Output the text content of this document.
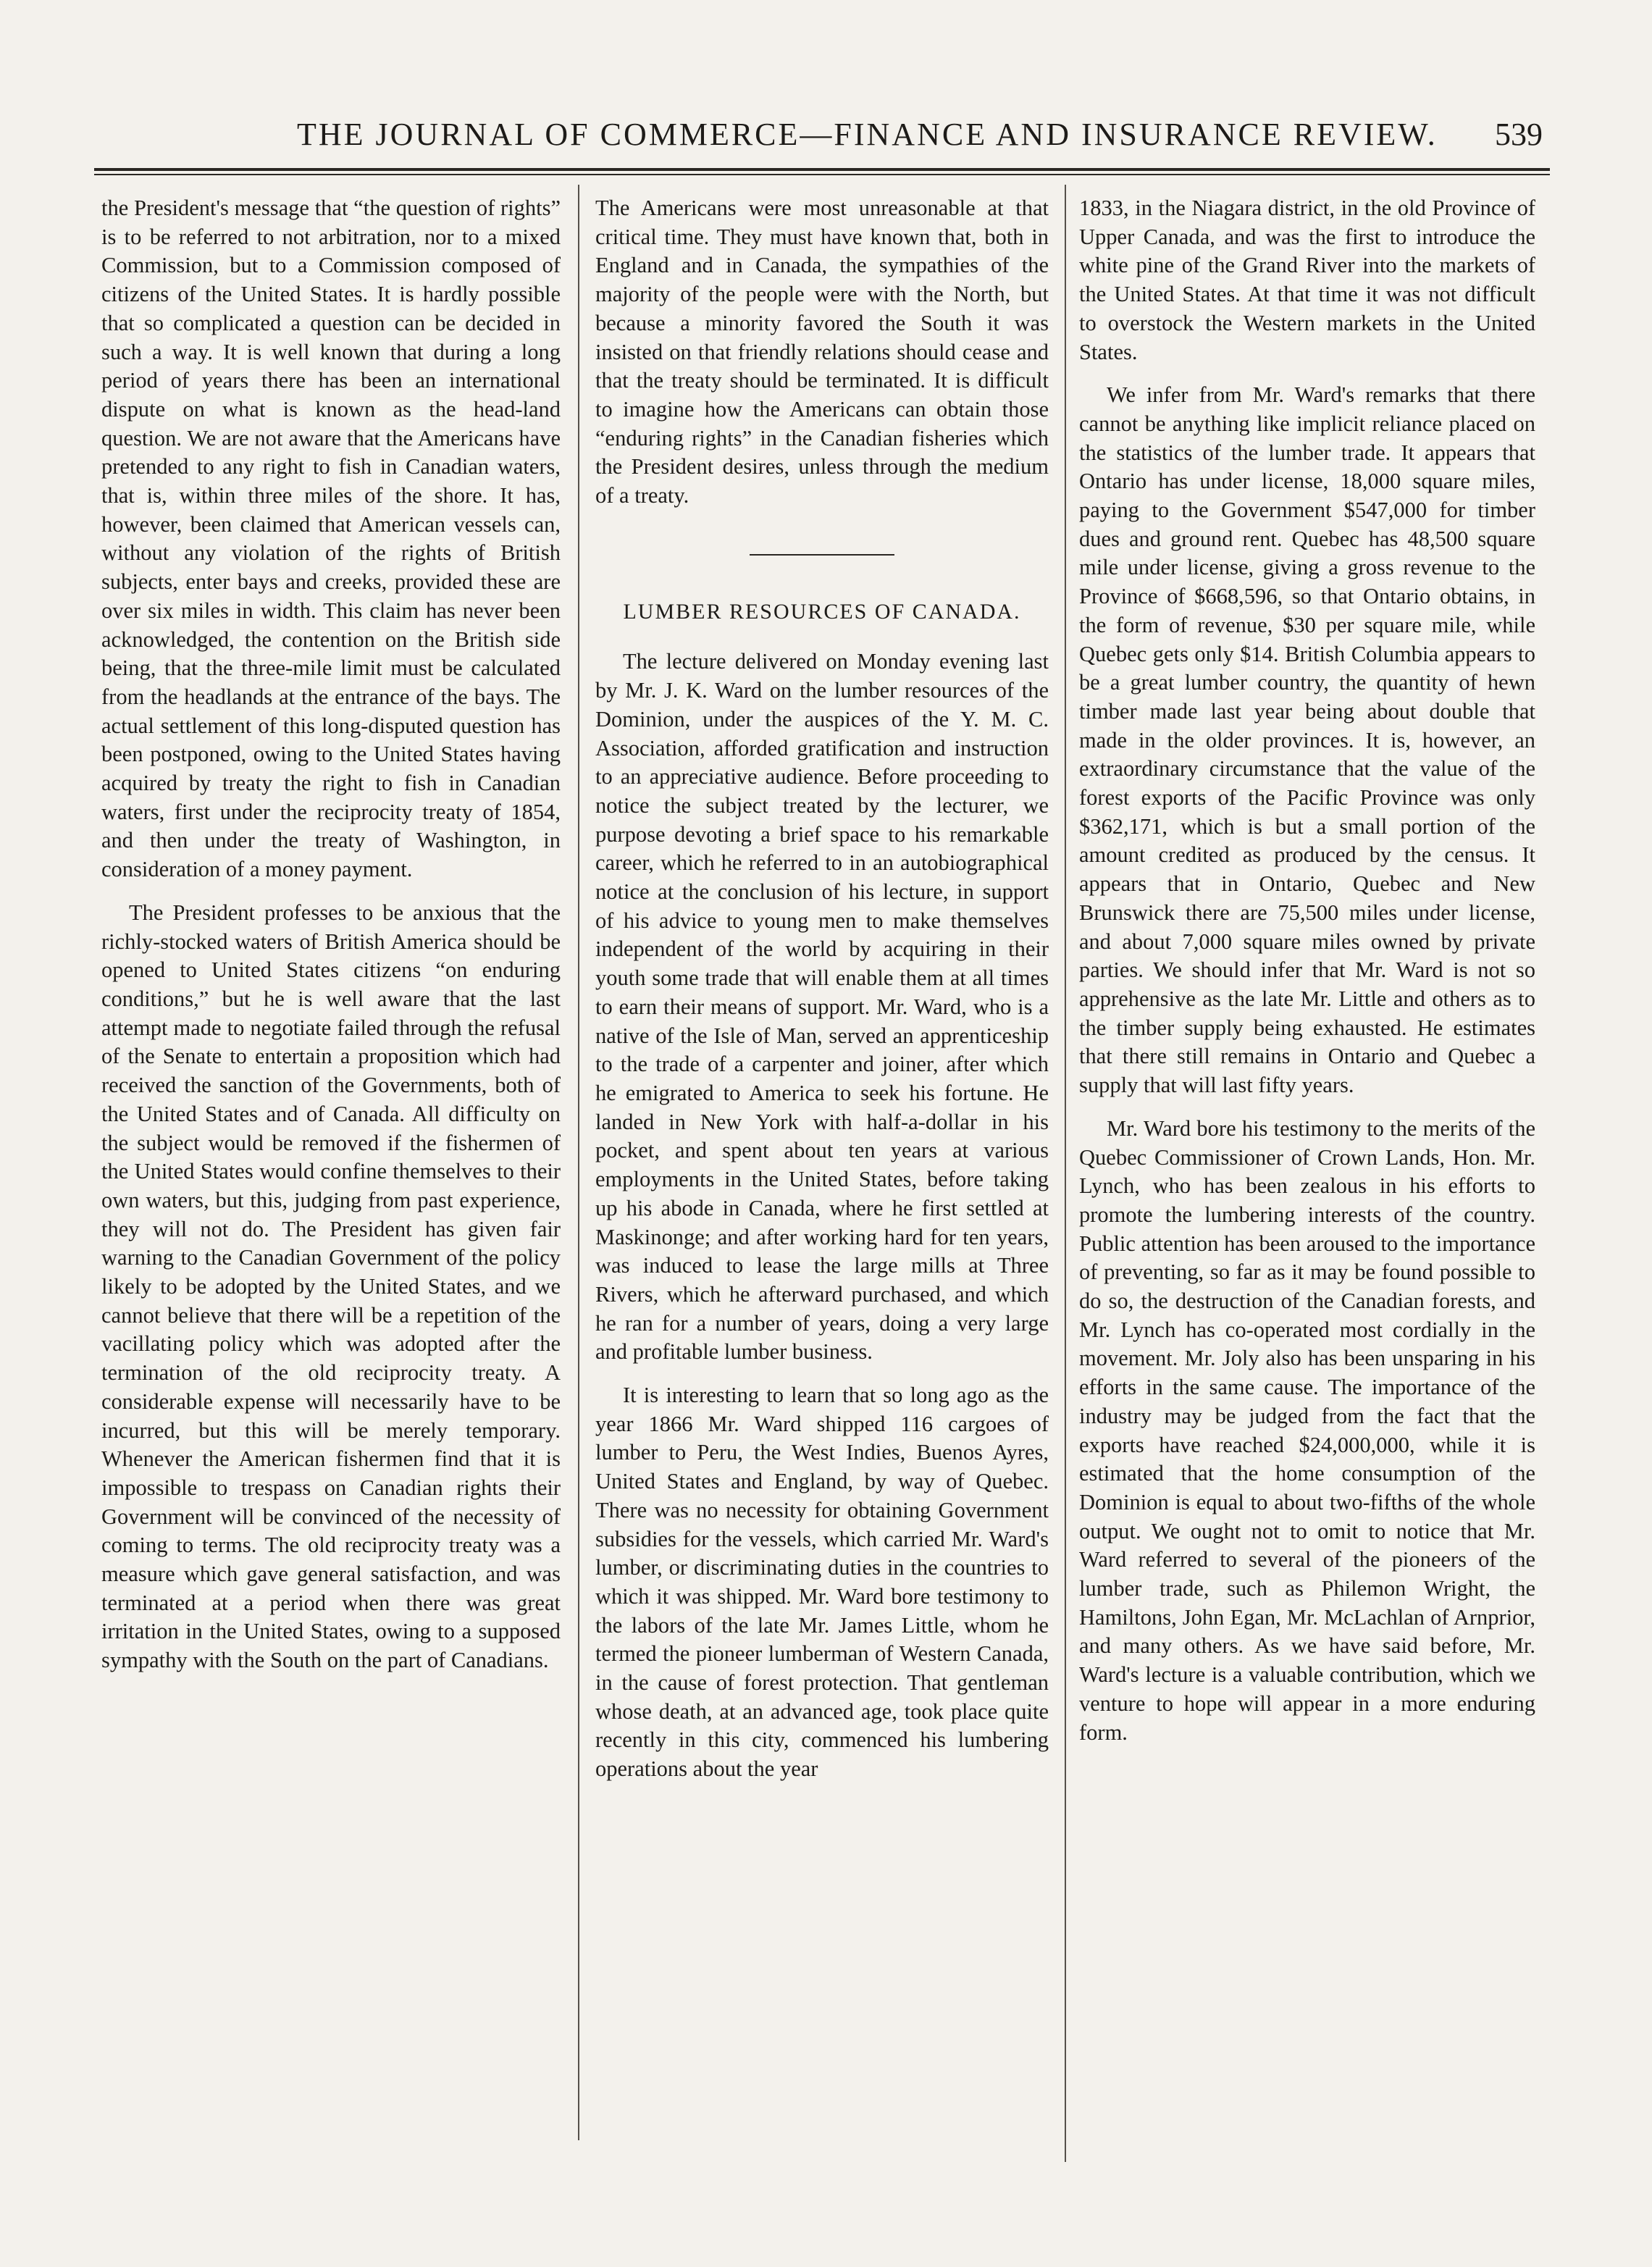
THE JOURNAL OF COMMERCE—FINANCE AND INSURANCE REVIEW.	539

the President's message that “the question of rights” is to be referred to not arbitration, nor to a mixed Commission, but to a Commission composed of citizens of the United States. It is hardly possible that so complicated a question can be decided in such a way. It is well known that during a long period of years there has been an international dispute on what is known as the head-land question. We are not aware that the Americans have pretended to any right to fish in Canadian waters, that is, within three miles of the shore. It has, however, been claimed that American vessels can, without any violation of the rights of British subjects, enter bays and creeks, provided these are over six miles in width. This claim has never been acknowledged, the contention on the British side being, that the three-mile limit must be calculated from the headlands at the entrance of the bays. The actual settlement of this long-disputed question has been postponed, owing to the United States having acquired by treaty the right to fish in Canadian waters, first under the reciprocity treaty of 1854, and then under the treaty of Washington, in consideration of a money payment.

The President professes to be anxious that the richly-stocked waters of British America should be opened to United States citizens “on enduring conditions,” but he is well aware that the last attempt made to negotiate failed through the refusal of the Senate to entertain a proposition which had received the sanction of the Governments, both of the United States and of Canada. All difficulty on the subject would be removed if the fishermen of the United States would confine themselves to their own waters, but this, judging from past experience, they will not do. The President has given fair warning to the Canadian Government of the policy likely to be adopted by the United States, and we cannot believe that there will be a repetition of the vacillating policy which was adopted after the termination of the old reciprocity treaty. A considerable expense will necessarily have to be incurred, but this will be merely temporary. Whenever the American fishermen find that it is impossible to trespass on Canadian rights their Government will be convinced of the necessity of coming to terms. The old reciprocity treaty was a measure which gave general satisfaction, and was terminated at a period when there was great irritation in the United States, owing to a supposed sympathy with the South on the part of Canadians.

The Americans were most unreasonable at that critical time. They must have known that, both in England and in Canada, the sympathies of the majority of the people were with the North, but because a minority favored the South it was insisted on that friendly relations should cease and that the treaty should be terminated. It is difficult to imagine how the Americans can obtain those “enduring rights” in the Canadian fisheries which the President desires, unless through the medium of a treaty.

LUMBER RESOURCES OF CANADA.

The lecture delivered on Monday evening last by Mr. J. K. Ward on the lumber resources of the Dominion, under the auspices of the Y. M. C. Association, afforded gratification and instruction to an appreciative audience. Before proceeding to notice the subject treated by the lecturer, we purpose devoting a brief space to his remarkable career, which he referred to in an autobiographical notice at the conclusion of his lecture, in support of his advice to young men to make themselves independent of the world by acquiring in their youth some trade that will enable them at all times to earn their means of support. Mr. Ward, who is a native of the Isle of Man, served an apprenticeship to the trade of a carpenter and joiner, after which he emigrated to America to seek his fortune. He landed in New York with half-a-dollar in his pocket, and spent about ten years at various employments in the United States, before taking up his abode in Canada, where he first settled at Maskinonge; and after working hard for ten years, was induced to lease the large mills at Three Rivers, which he afterward purchased, and which he ran for a number of years, doing a very large and profitable lumber business.

It is interesting to learn that so long ago as the year 1866 Mr. Ward shipped 116 cargoes of lumber to Peru, the West Indies, Buenos Ayres, United States and England, by way of Quebec. There was no necessity for obtaining Government subsidies for the vessels, which carried Mr. Ward's lumber, or discriminating duties in the countries to which it was shipped. Mr. Ward bore testimony to the labors of the late Mr. James Little, whom he termed the pioneer lumberman of Western Canada, in the cause of forest protection. That gentleman whose death, at an advanced age, took place quite recently in this city, commenced his lumbering operations about the year

1833, in the Niagara district, in the old Province of Upper Canada, and was the first to introduce the white pine of the Grand River into the markets of the United States. At that time it was not difficult to overstock the Western markets in the United States.

We infer from Mr. Ward's remarks that there cannot be anything like implicit reliance placed on the statistics of the lumber trade. It appears that Ontario has under license, 18,000 square miles, paying to the Government $547,000 for timber dues and ground rent. Quebec has 48,500 square mile under license, giving a gross revenue to the Province of $668,596, so that Ontario obtains, in the form of revenue, $30 per square mile, while Quebec gets only $14. British Columbia appears to be a great lumber country, the quantity of hewn timber made last year being about double that made in the older provinces. It is, however, an extraordinary circumstance that the value of the forest exports of the Pacific Province was only $362,171, which is but a small portion of the amount credited as produced by the census. It appears that in Ontario, Quebec and New Brunswick there are 75,500 miles under license, and about 7,000 square miles owned by private parties. We should infer that Mr. Ward is not so apprehensive as the late Mr. Little and others as to the timber supply being exhausted. He estimates that there still remains in Ontario and Quebec a supply that will last fifty years.

Mr. Ward bore his testimony to the merits of the Quebec Commissioner of Crown Lands, Hon. Mr. Lynch, who has been zealous in his efforts to promote the lumbering interests of the country. Public attention has been aroused to the importance of preventing, so far as it may be found possible to do so, the destruction of the Canadian forests, and Mr. Lynch has co-operated most cordially in the movement. Mr. Joly also has been unsparing in his efforts in the same cause. The importance of the industry may be judged from the fact that the exports have reached $24,000,000, while it is estimated that the home consumption of the Dominion is equal to about two-fifths of the whole output. We ought not to omit to notice that Mr. Ward referred to several of the pioneers of the lumber trade, such as Philemon Wright, the Hamiltons, John Egan, Mr. McLachlan of Arnprior, and many others. As we have said before, Mr. Ward's lecture is a valuable contribution, which we venture to hope will appear in a more enduring form.
